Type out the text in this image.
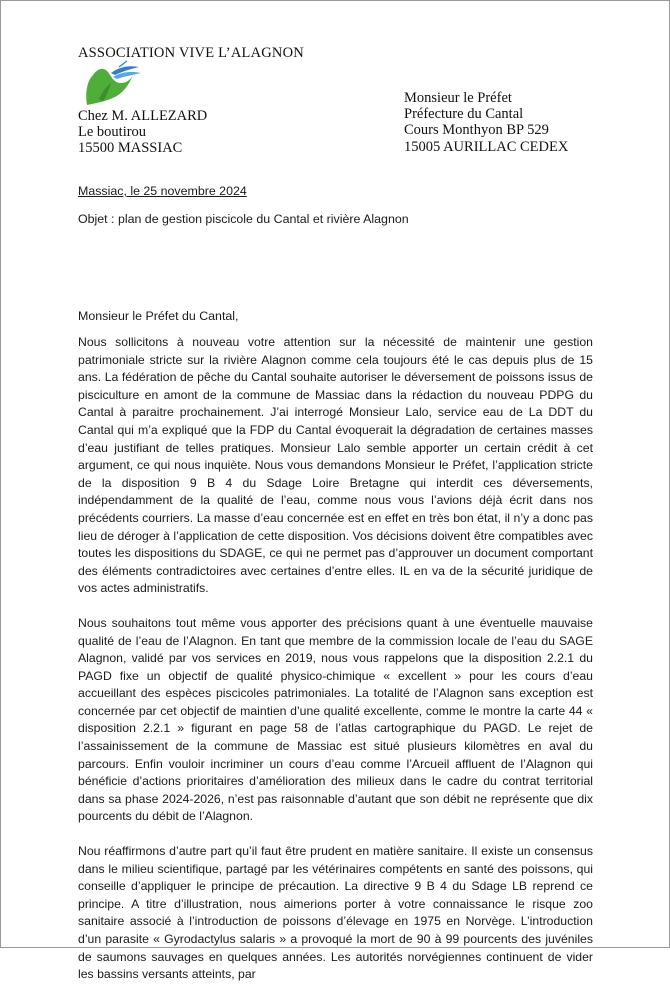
ASSOCIATION VIVE L’ALAGNON
Chez M. ALLEZARD
Le boutirou
15500 MASSIAC
Monsieur le Préfet
Préfecture du Cantal
Cours Monthyon BP 529
15005 AURILLAC CEDEX
Massiac, le 25 novembre 2024
Objet : plan de gestion piscicole du Cantal et rivière Alagnon
Monsieur le Préfet du Cantal,

Nous sollicitons à nouveau votre attention sur la nécessité de maintenir une gestion patrimoniale stricte sur la rivière Alagnon comme cela toujours été le cas depuis plus de 15 ans. La fédération de pêche du Cantal souhaite autoriser le déversement de poissons issus de pisciculture en amont de la commune de Massiac dans la rédaction du nouveau PDPG du Cantal à paraitre prochainement. J’ai interrogé Monsieur Lalo, service eau de La DDT du Cantal qui m’a expliqué que la FDP du Cantal évoquerait la dégradation de certaines masses d’eau justifiant de telles pratiques. Monsieur Lalo semble apporter un certain crédit à cet argument, ce qui nous inquiète. Nous vous demandons Monsieur le Préfet, l’application stricte de la disposition 9 B 4 du Sdage Loire Bretagne qui interdit ces déversements, indépendamment de la qualité de l’eau, comme nous vous l’avions déjà écrit dans nos précédents courriers. La masse d’eau concernée est en effet en très bon état, il n’y a donc pas lieu de déroger à l’application de cette disposition. Vos décisions doivent être compatibles avec toutes les dispositions du SDAGE, ce qui ne permet pas d’approuver un document comportant des éléments contradictoires avec certaines d’entre elles. IL en va de la sécurité juridique de vos actes administratifs.

Nous souhaitons tout même vous apporter des précisions quant à une éventuelle mauvaise qualité de l’eau de l’Alagnon. En tant que membre de la commission locale de l’eau du SAGE Alagnon, validé par vos services en 2019, nous vous rappelons que la disposition 2.2.1 du PAGD fixe un objectif de qualité physico-chimique « excellent » pour les cours d’eau accueillant des espèces piscicoles patrimoniales. La totalité de l’Alagnon sans exception est concernée par cet objectif de maintien d’une qualité excellente, comme le montre la carte 44 « disposition 2.2.1 » figurant en page 58 de l’atlas cartographique du PAGD. Le rejet de l’assainissement de la commune de Massiac est situé plusieurs kilomètres en aval du parcours. Enfin vouloir incriminer un cours d’eau comme l’Arcueil affluent de l’Alagnon qui bénéficie d’actions prioritaires d’amélioration des milieux dans le cadre du contrat territorial dans sa phase 2024-2026, n’est pas raisonnable d’autant que son débit ne représente que dix pourcents du débit de l’Alagnon.

Nou réaffirmons d’autre part qu’il faut être prudent en matière sanitaire. Il existe un consensus dans le milieu scientifique, partagé par les vétérinaires compétents en santé des poissons, qui conseille d’appliquer le principe de précaution. La directive 9 B 4 du Sdage LB reprend ce principe. A titre d’illustration, nous aimerions porter à votre connaissance le risque zoo sanitaire associé à l’introduction de poissons d’élevage en 1975 en Norvège. L’introduction d’un parasite « Gyrodactylus salaris » a provoqué la mort de 90 à 99 pourcents des juvéniles de saumons sauvages en quelques années. Les autorités norvégiennes continuent de vider les bassins versants atteints, par
